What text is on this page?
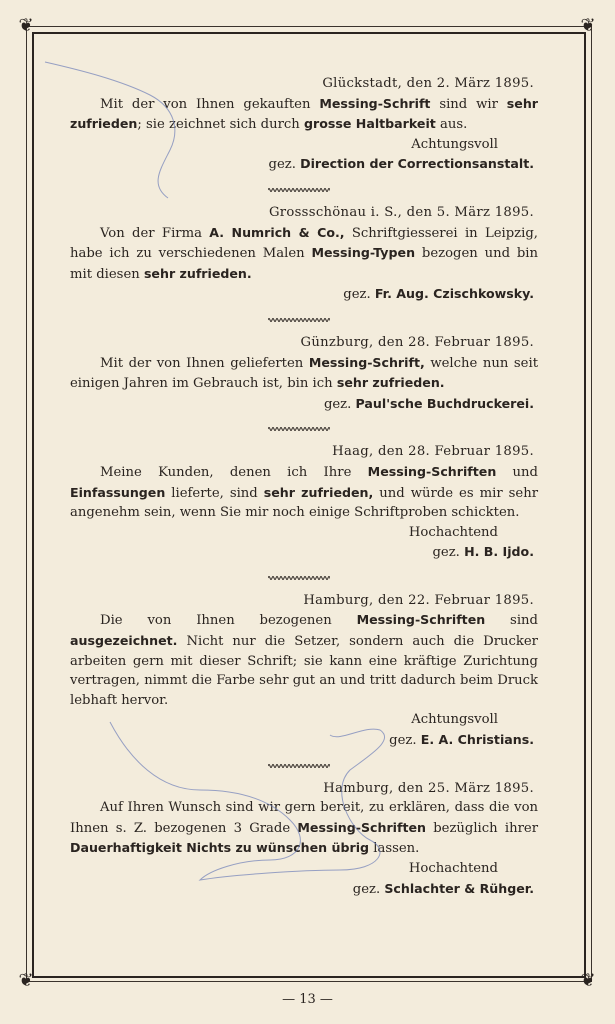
❦	❦
❦	❦
Glückstadt, den 2. März 1895.

Mit der von Ihnen gekauften Messing-Schrift sind wir sehr zufrieden; sie zeichnet sich durch grosse Haltbarkeit aus.

Achtungsvoll
gez. Direction der Correctionsanstalt.
Grossschönau i. S., den 5. März 1895.

Von der Firma A. Numrich & Co., Schriftgiesserei in Leipzig, habe ich zu verschiedenen Malen Messing-Typen bezogen und bin mit diesen sehr zufrieden.

gez. Fr. Aug. Czischkowsky.
Günzburg, den 28. Februar 1895.

Mit der von Ihnen gelieferten Messing-Schrift, welche nun seit einigen Jahren im Gebrauch ist, bin ich sehr zufrieden.

gez. Paul'sche Buchdruckerei.
Haag, den 28. Februar 1895.

Meine Kunden, denen ich Ihre Messing-Schriften und Einfassungen lieferte, sind sehr zufrieden, und würde es mir sehr angenehm sein, wenn Sie mir noch einige Schriftproben schickten.

Hochachtend
gez. H. B. Ijdo.
Hamburg, den 22. Februar 1895.

Die von Ihnen bezogenen Messing-Schriften sind ausgezeichnet. Nicht nur die Setzer, sondern auch die Drucker arbeiten gern mit dieser Schrift; sie kann eine kräftige Zurichtung vertragen, nimmt die Farbe sehr gut an und tritt dadurch beim Druck lebhaft hervor.

Achtungsvoll
gez. E. A. Christians.
Hamburg, den 25. März 1895.

Auf Ihren Wunsch sind wir gern bereit, zu erklären, dass die von Ihnen s. Z. bezogenen 3 Grade Messing-Schriften bezüglich ihrer Dauerhaftigkeit Nichts zu wünschen übrig lassen.

Hochachtend
gez. Schlachter & Rühger.
— 13 —
